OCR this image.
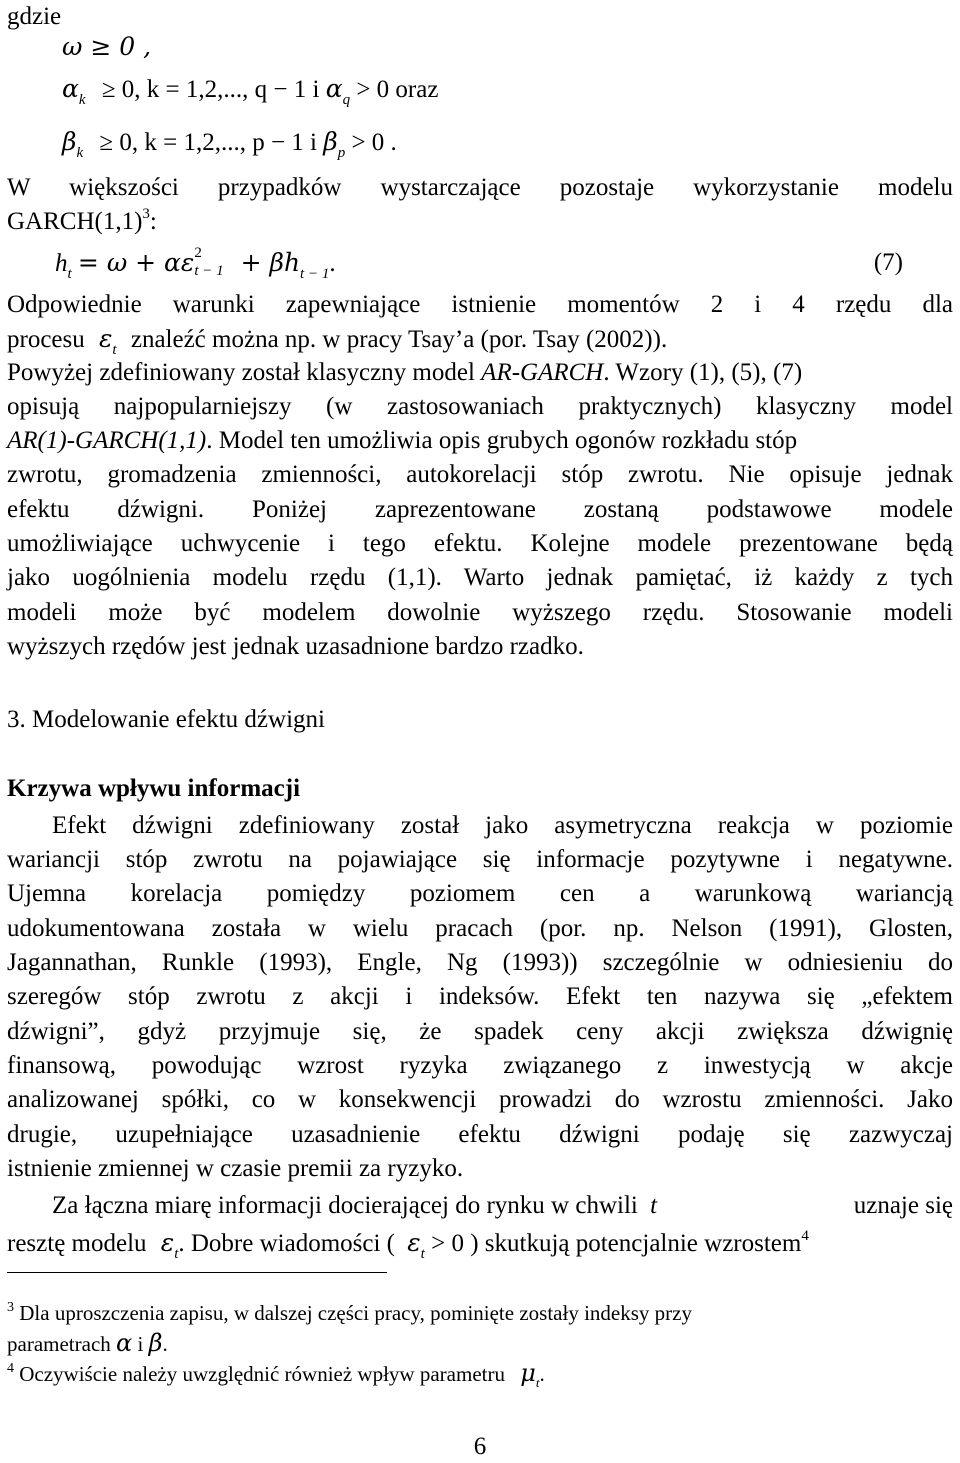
gdzie
ω ≥ 0 ,
$\alpha_k \ge 0$, k = 1,2,..., q − 1 i $\alpha_q > 0$ oraz
$\beta_k \ge 0$, k = 1,2,..., p − 1 i $\beta_p > 0$ .
W większości przypadków wystarczające pozostaje wykorzystanie modelu
$GARCH(1,1)^3$:
$h_t = \omega + \alpha\varepsilon$ 2
$t - 1 + \beta h_{t - 1}$.	(7)
Odpowiednie warunki zapewniające istnienie momentów 2 i 4 rzędu dla
procesu $\varepsilon_t$ znaleźć można np. w pracy Tsay’a (por. Tsay (2002)).
Powyżej zdefiniowany został klasyczny model AR-GARCH. Wzory (1), (5), (7)
opisują najpopularniejszy (w zastosowaniach praktycznych) klasyczny model
AR(1)-GARCH(1,1). Model ten umożliwia opis grubych ogonów rozkładu stóp
zwrotu, gromadzenia zmienności, autokorelacji stóp zwrotu. Nie opisuje jednak
efektu dźwigni. Poniżej zaprezentowane zostaną podstawowe modele
umożliwiające uchwycenie i tego efektu. Kolejne modele prezentowane będą
jako uogólnienia modelu rzędu (1,1). Warto jednak pamiętać, iż każdy z tych
modeli może być modelem dowolnie wyższego rzędu. Stosowanie modeli
wyższych rzędów jest jednak uzasadnione bardzo rzadko.
3. Modelowanie efektu dźwigni
Krzywa wpływu informacji
Efekt dźwigni zdefiniowany został jako asymetryczna reakcja w poziomie
wariancji stóp zwrotu na pojawiające się informacje pozytywne i negatywne.
Ujemna korelacja pomiędzy poziomem cen a warunkową wariancją
udokumentowana została w wielu pracach (por. np. Nelson (1991), Glosten,
Jagannathan, Runkle (1993), Engle, Ng (1993)) szczególnie w odniesieniu do
szeregów stóp zwrotu z akcji i indeksów. Efekt ten nazywa się „efektem
dźwigni”, gdyż przyjmuje się, że spadek ceny akcji zwiększa dźwignię
finansową, powodując wzrost ryzyka związanego z inwestycją w akcje
analizowanej spółki, co w konsekwencji prowadzi do wzrostu zmienności. Jako
drugie, uzupełniające uzasadnienie efektu dźwigni podaję się zazwyczaj
istnienie zmiennej w czasie premii za ryzyko.
Za łączna miarę informacji docierającej do rynku w chwili t	uznaje się
resztę modelu $\varepsilon_t$. Dobre wiadomości ( $\varepsilon_t > 0$ ) skutkują potencjalnie wzrostem$^4$
$^3$ Dla uproszczenia zapisu, w dalszej części pracy, pominięte zostały indeksy przy
parametrach α i β.
$^4$ Oczywiście należy uwzględnić również wpływ parametru $\mu_t$.
6
